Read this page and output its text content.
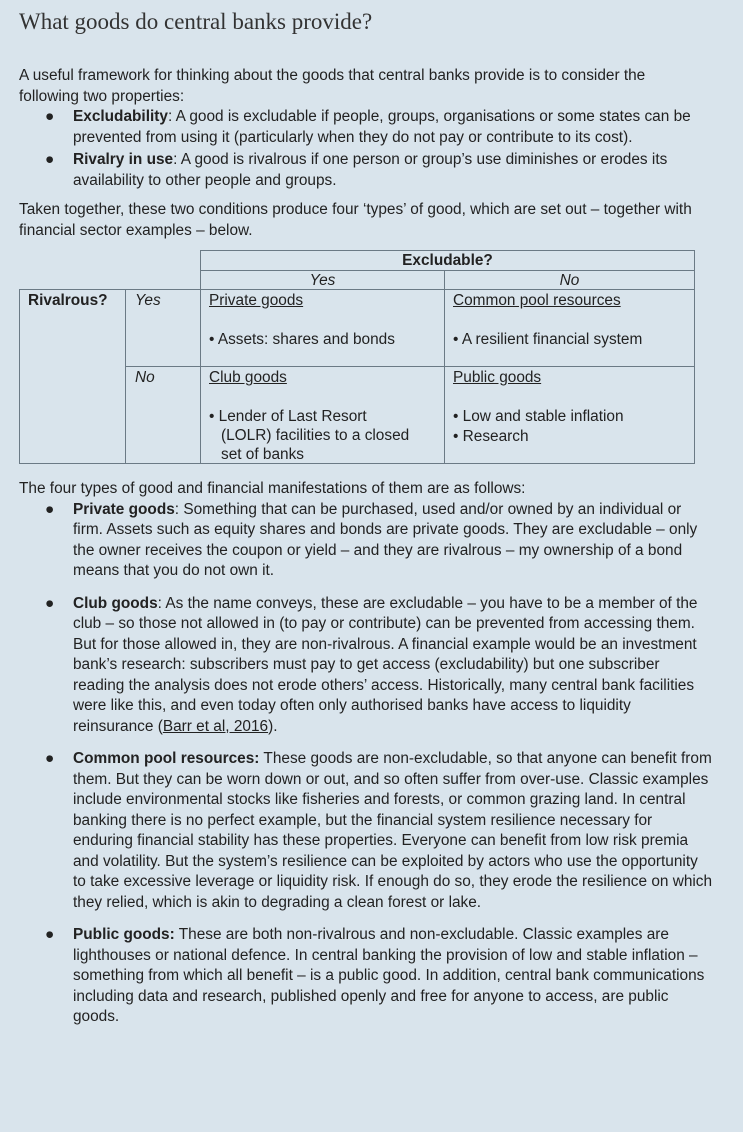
What goods do central banks provide?

A useful framework for thinking about the goods that central banks provide is to consider the following two properties:

● Excludability: A good is excludable if people, groups, organisations or some states can be prevented from using it (particularly when they do not pay or contribute to its cost).
● Rivalry in use: A good is rivalrous if one person or group’s use diminishes or erodes its availability to other people and groups.

Taken together, these two conditions produce four ‘types’ of good, which are set out – together with financial sector examples – below.

Excludable?
Yes	No
Rivalrous? Yes
No
Private goods
• Assets: shares and bonds
Common pool resources
• A resilient financial system
Club goods
• Lender of Last Resort
(LOLR) facilities to a closed
set of banks
Public goods
• Low and stable inflation
• Research

The four types of good and financial manifestations of them are as follows:

● Private goods: Something that can be purchased, used and/or owned by an individual or firm. Assets such as equity shares and bonds are private goods. They are excludable – only the owner receives the coupon or yield – and they are rivalrous – my ownership of a bond means that you do not own it.
● Club goods: As the name conveys, these are excludable – you have to be a member of the club – so those not allowed in (to pay or contribute) can be prevented from accessing them. But for those allowed in, they are non-rivalrous. A financial example would be an investment bank’s research: subscribers must pay to get access (excludability) but one subscriber reading the analysis does not erode others’ access. Historically, many central bank facilities were like this, and even today often only authorised banks have access to liquidity reinsurance (Barr et al, 2016).
● Common pool resources: These goods are non-excludable, so that anyone can benefit from them. But they can be worn down or out, and so often suffer from over-use. Classic examples include environmental stocks like fisheries and forests, or common grazing land. In central banking there is no perfect example, but the financial system resilience necessary for enduring financial stability has these properties. Everyone can benefit from low risk premia and volatility. But the system’s resilience can be exploited by actors who use the opportunity to take excessive leverage or liquidity risk. If enough do so, they erode the resilience on which they relied, which is akin to degrading a clean forest or lake.
● Public goods: These are both non-rivalrous and non-excludable. Classic examples are lighthouses or national defence. In central banking the provision of low and stable inflation – something from which all benefit – is a public good. In addition, central bank communications including data and research, published openly and free for anyone to access, are public goods.
